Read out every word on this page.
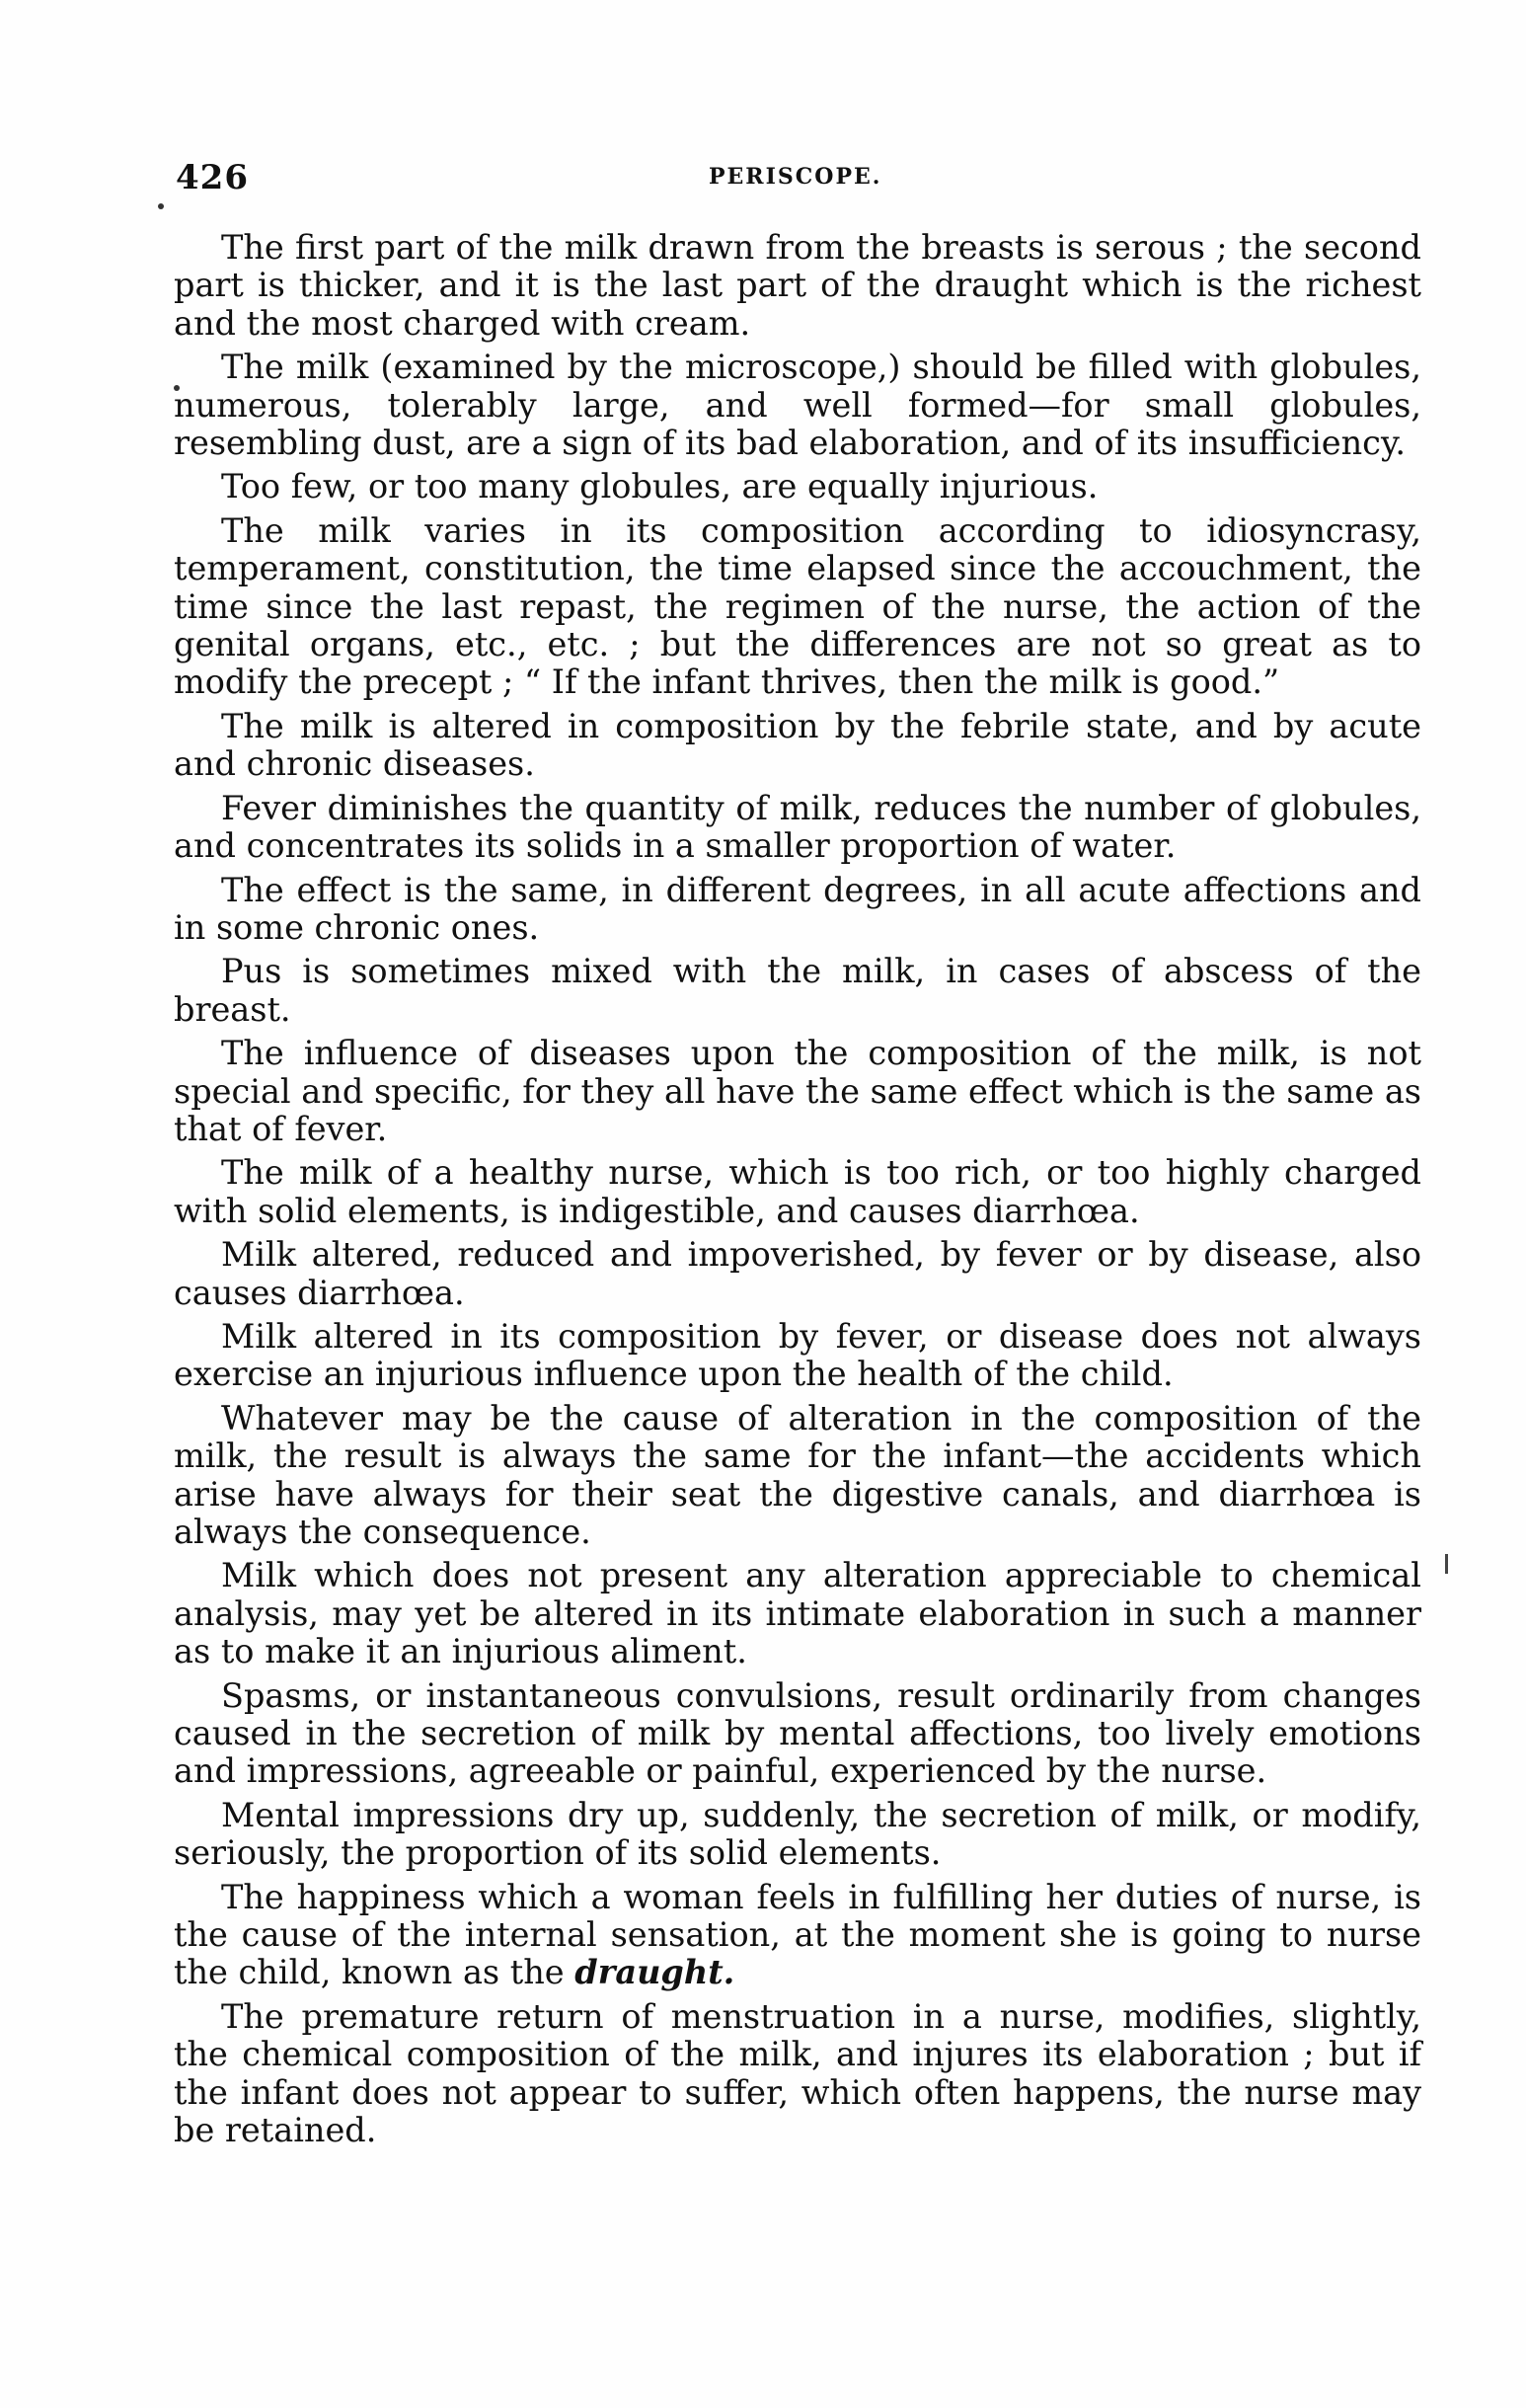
426	PERISCOPE.

The first part of the milk drawn from the breasts is serous ; the second part is thicker, and it is the last part of the draught which is the richest and the most charged with cream.

The milk (examined by the microscope,) should be filled with globules, numerous, tolerably large, and well formed—for small globules, resembling dust, are a sign of its bad elaboration, and of its insufficiency.

Too few, or too many globules, are equally injurious.

The milk varies in its composition according to idiosyncrasy, temperament, constitution, the time elapsed since the accouchment, the time since the last repast, the regimen of the nurse, the action of the genital organs, etc., etc. ; but the differences are not so great as to modify the precept ; “ If the infant thrives, then the milk is good.”

The milk is altered in composition by the febrile state, and by acute and chronic diseases.

Fever diminishes the quantity of milk, reduces the number of globules, and concentrates its solids in a smaller proportion of water.

The effect is the same, in different degrees, in all acute affections and in some chronic ones.

Pus is sometimes mixed with the milk, in cases of abscess of the breast.

The influence of diseases upon the composition of the milk, is not special and specific, for they all have the same effect which is the same as that of fever.

The milk of a healthy nurse, which is too rich, or too highly charged with solid elements, is indigestible, and causes diarrhœa.

Milk altered, reduced and impoverished, by fever or by disease, also causes diarrhœa.

Milk altered in its composition by fever, or disease does not always exercise an injurious influence upon the health of the child.

Whatever may be the cause of alteration in the composition of the milk, the result is always the same for the infant—the accidents which arise have always for their seat the digestive canals, and diarrhœa is always the consequence.

Milk which does not present any alteration appreciable to chemical analysis, may yet be altered in its intimate elaboration in such a manner as to make it an injurious aliment.

Spasms, or instantaneous convulsions, result ordinarily from changes caused in the secretion of milk by mental affections, too lively emotions and impressions, agreeable or painful, experienced by the nurse.

Mental impressions dry up, suddenly, the secretion of milk, or modify, seriously, the proportion of its solid elements.

The happiness which a woman feels in fulfilling her duties of nurse, is the cause of the internal sensation, at the moment she is going to nurse the child, known as the draught.

The premature return of menstruation in a nurse, modifies, slightly, the chemical composition of the milk, and injures its elaboration ; but if the infant does not appear to suffer, which often happens, the nurse may be retained.
